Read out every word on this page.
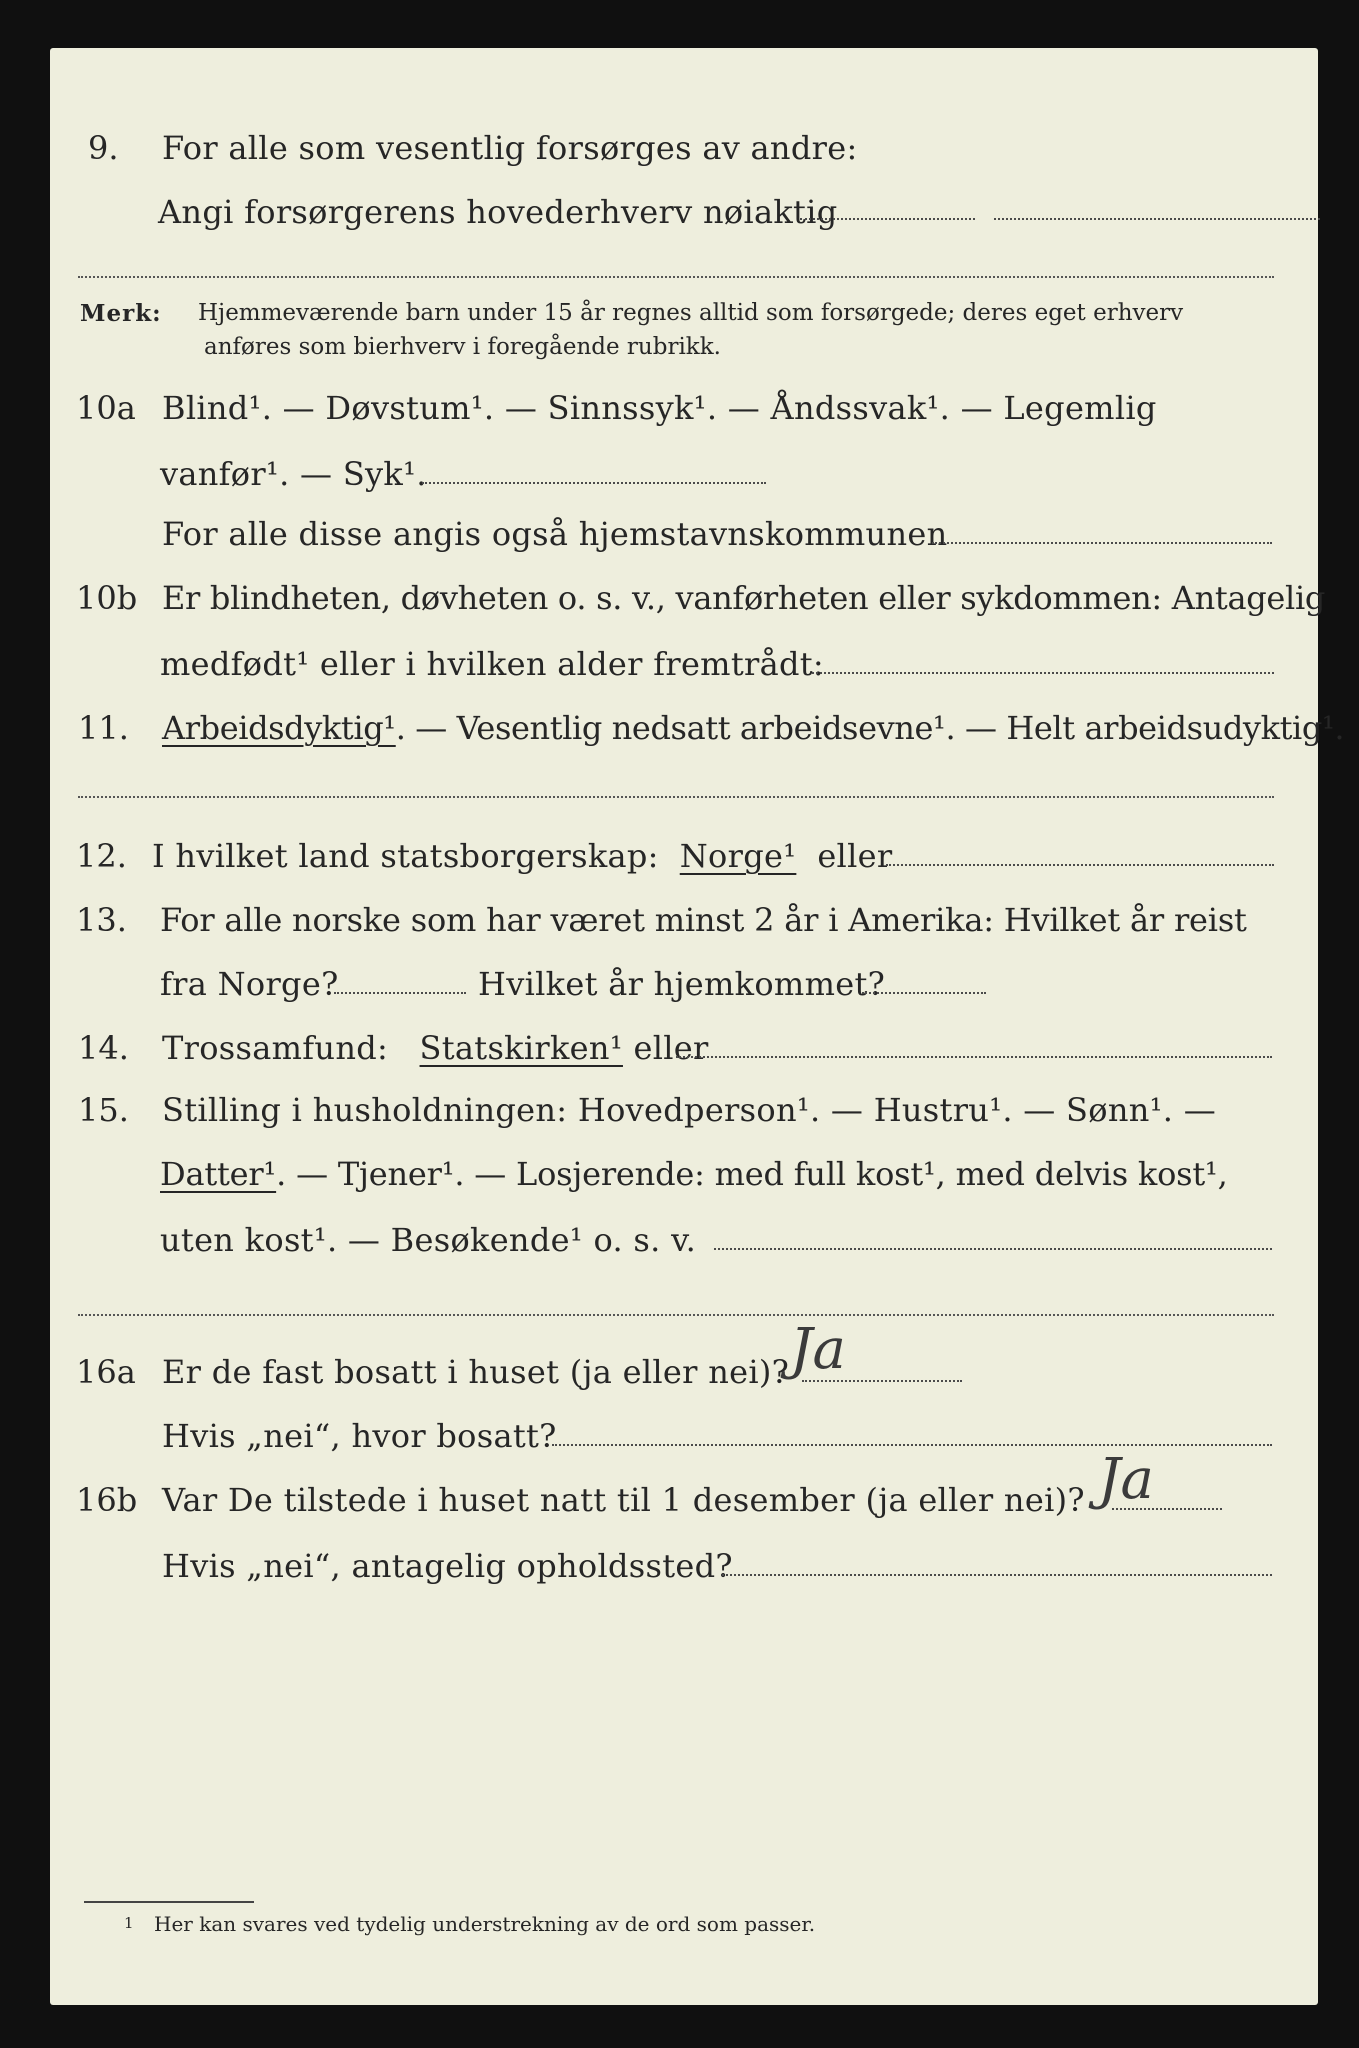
9. For alle som vesentlig forsørges av andre:
Angi forsørgerens hovederhverv nøiaktig
Merk: Hjemmeværende barn under 15 år regnes alltid som forsørgede; deres eget erhverv
anføres som bierhverv i foregående rubrikk.
10a Blind¹. — Døvstum¹. — Sinnssyk¹. — Åndssvak¹. — Legemlig
vanfør¹. — Syk¹.
For alle disse angis også hjemstavnskommunen
10b Er blindheten, døvheten o. s. v., vanførheten eller sykdommen: Antagelig
medfødt¹ eller i hvilken alder fremtrådt:
11. Arbeidsdyktig¹. — Vesentlig nedsatt arbeidsevne¹. — Helt arbeidsudyktig¹.
12. I hvilket land statsborgerskap: Norge¹ eller
13. For alle norske som har været minst 2 år i Amerika: Hvilket år reist
fra Norge?	Hvilket år hjemkommet?
14. Trossamfund: Statskirken¹ eller
15. Stilling i husholdningen: Hovedperson¹. — Hustru¹. — Sønn¹. —
Datter¹. — Tjener¹. — Losjerende: med full kost¹, med delvis kost¹,
uten kost¹. — Besøkende¹ o. s. v.
16a Er de fast bosatt i huset (ja eller nei)? Ja
Hvis „nei“, hvor bosatt?
16b Var De tilstede i huset natt til 1 desember (ja eller nei)? Ja
Hvis „nei“, antagelig opholdssted?
1 Her kan svares ved tydelig understrekning av de ord som passer.
